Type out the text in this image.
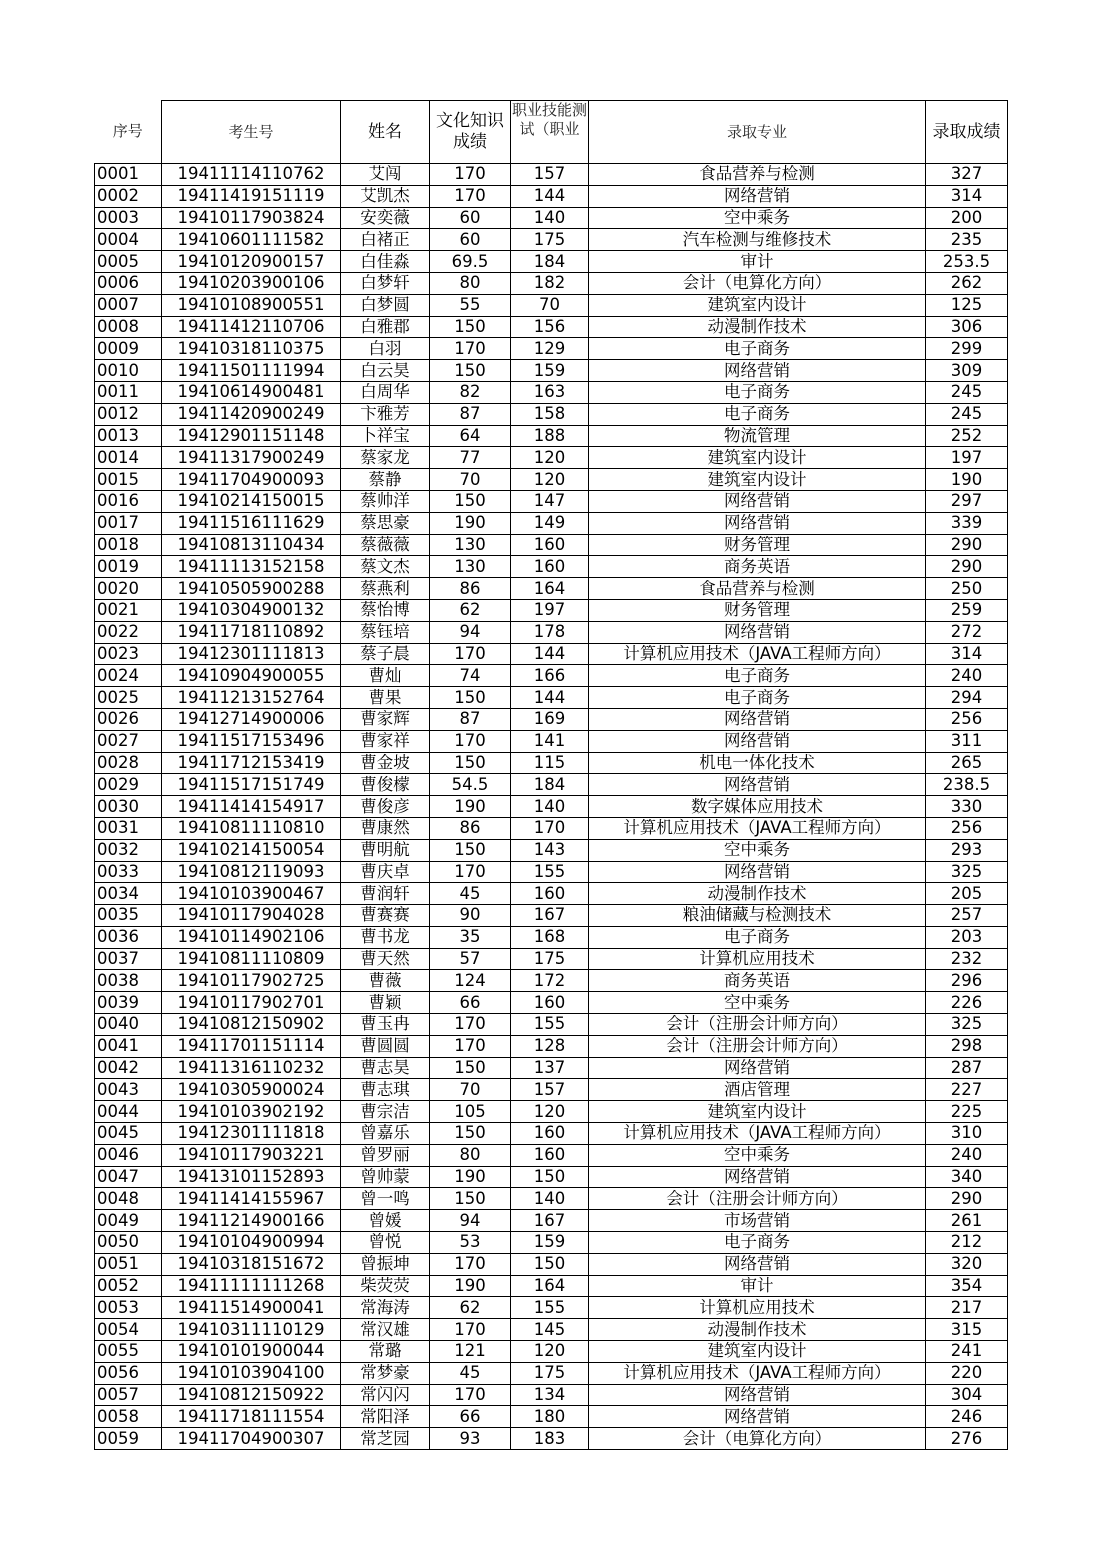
序号	考生号	姓名	文化知识成绩	职业技能测试（职业	录取专业	录取成绩
0001	19411114110762	艾闯	170	157	食品营养与检测	327
0002	19411419151119	艾凯杰	170	144	网络营销	314
0003	19410117903824	安奕薇	60	140	空中乘务	200
0004	19410601111582	白褚正	60	175	汽车检测与维修技术	235
0005	19410120900157	白佳淼	69.5	184	审计	253.5
0006	19410203900106	白梦轩	80	182	会计（电算化方向）	262
0007	19410108900551	白梦圆	55	70	建筑室内设计	125
0008	19411412110706	白雅郡	150	156	动漫制作技术	306
0009	19410318110375	白羽	170	129	电子商务	299
0010	19411501111994	白云昊	150	159	网络营销	309
0011	19410614900481	白周华	82	163	电子商务	245
0012	19411420900249	卞雅芳	87	158	电子商务	245
0013	19412901151148	卜祥宝	64	188	物流管理	252
0014	19411317900249	蔡家龙	77	120	建筑室内设计	197
0015	19411704900093	蔡静	70	120	建筑室内设计	190
0016	19410214150015	蔡帅洋	150	147	网络营销	297
0017	19411516111629	蔡思豪	190	149	网络营销	339
0018	19410813110434	蔡薇薇	130	160	财务管理	290
0019	19411113152158	蔡文杰	130	160	商务英语	290
0020	19410505900288	蔡燕利	86	164	食品营养与检测	250
0021	19410304900132	蔡怡博	62	197	财务管理	259
0022	19411718110892	蔡钰培	94	178	网络营销	272
0023	19412301111813	蔡子晨	170	144	计算机应用技术（JAVA工程师方向）	314
0024	19410904900055	曹灿	74	166	电子商务	240
0025	19411213152764	曹果	150	144	电子商务	294
0026	19412714900006	曹家辉	87	169	网络营销	256
0027	19411517153496	曹家祥	170	141	网络营销	311
0028	19411712153419	曹金坡	150	115	机电一体化技术	265
0029	19411517151749	曹俊檬	54.5	184	网络营销	238.5
0030	19411414154917	曹俊彦	190	140	数字媒体应用技术	330
0031	19410811110810	曹康然	86	170	计算机应用技术（JAVA工程师方向）	256
0032	19410214150054	曹明航	150	143	空中乘务	293
0033	19410812119093	曹庆卓	170	155	网络营销	325
0034	19410103900467	曹润轩	45	160	动漫制作技术	205
0035	19410117904028	曹赛赛	90	167	粮油储藏与检测技术	257
0036	19410114902106	曹书龙	35	168	电子商务	203
0037	19410811110809	曹天然	57	175	计算机应用技术	232
0038	19410117902725	曹薇	124	172	商务英语	296
0039	19410117902701	曹颖	66	160	空中乘务	226
0040	19410812150902	曹玉冉	170	155	会计（注册会计师方向）	325
0041	19411701151114	曹圆圆	170	128	会计（注册会计师方向）	298
0042	19411316110232	曹志昊	150	137	网络营销	287
0043	19410305900024	曹志琪	70	157	酒店管理	227
0044	19410103902192	曹宗洁	105	120	建筑室内设计	225
0045	19412301111818	曾嘉乐	150	160	计算机应用技术（JAVA工程师方向）	310
0046	19410117903221	曾罗丽	80	160	空中乘务	240
0047	19413101152893	曾帅蒙	190	150	网络营销	340
0048	19411414155967	曾一鸣	150	140	会计（注册会计师方向）	290
0049	19411214900166	曾媛	94	167	市场营销	261
0050	19410104900994	曾悦	53	159	电子商务	212
0051	19410318151672	曾振坤	170	150	网络营销	320
0052	19411111111268	柴荧荧	190	164	审计	354
0053	19411514900041	常海涛	62	155	计算机应用技术	217
0054	19410311110129	常汉雄	170	145	动漫制作技术	315
0055	19410101900044	常璐	121	120	建筑室内设计	241
0056	19410103904100	常梦豪	45	175	计算机应用技术（JAVA工程师方向）	220
0057	19410812150922	常闪闪	170	134	网络营销	304
0058	19411718111554	常阳泽	66	180	网络营销	246
0059	19411704900307	常芝园	93	183	会计（电算化方向）	276
